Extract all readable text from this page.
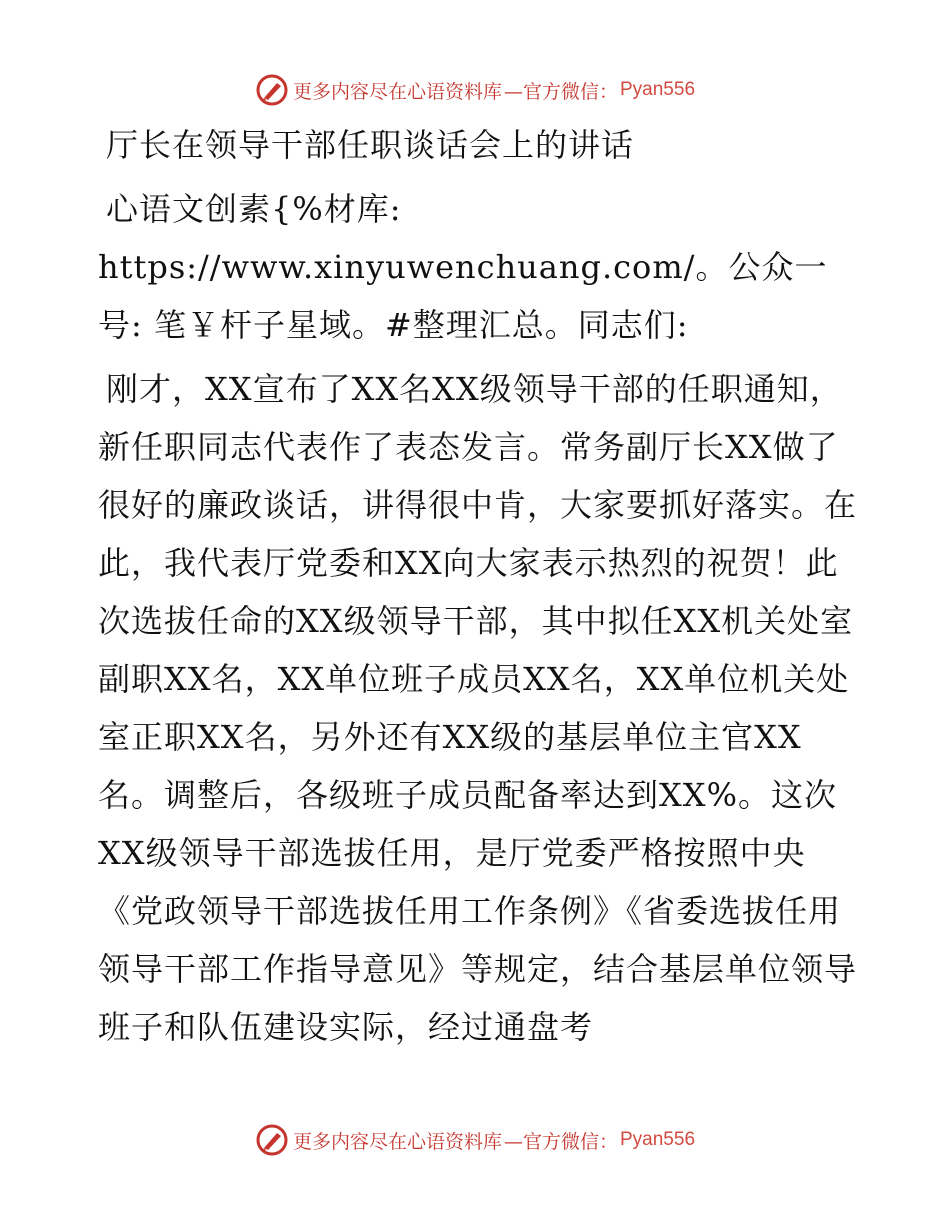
更多内容尽在心语资料库 —官方微信： Pyan556

厅长在领导干部任职谈话会上的讲话

心语文创素{%材库: https://www.xinyuwenchuang.com/。公众一号: 笔￥杆子星域。#整理汇总。同志们:

刚才，XX宣布了XX名XX级领导干部的任职通知，新任职同志代表作了表态发言。常务副厅长XX做了很好的廉政谈话，讲得很中肯，大家要抓好落实。在此，我代表厅党委和XX向大家表示热烈的祝贺！此次选拔任命的XX级领导干部，其中拟任XX机关处室副职XX名，XX单位班子成员XX名，XX单位机关处室正职XX名，另外还有XX级的基层单位主官XX名。调整后，各级班子成员配备率达到XX%。这次XX级领导干部选拔任用，是厅党委严格按照中央《党政领导干部选拔任用工作条例》《省委选拔任用领导干部工作指导意见》等规定，结合基层单位领导班子和队伍建设实际，经过通盘考

更多内容尽在心语资料库 —官方微信： Pyan556
